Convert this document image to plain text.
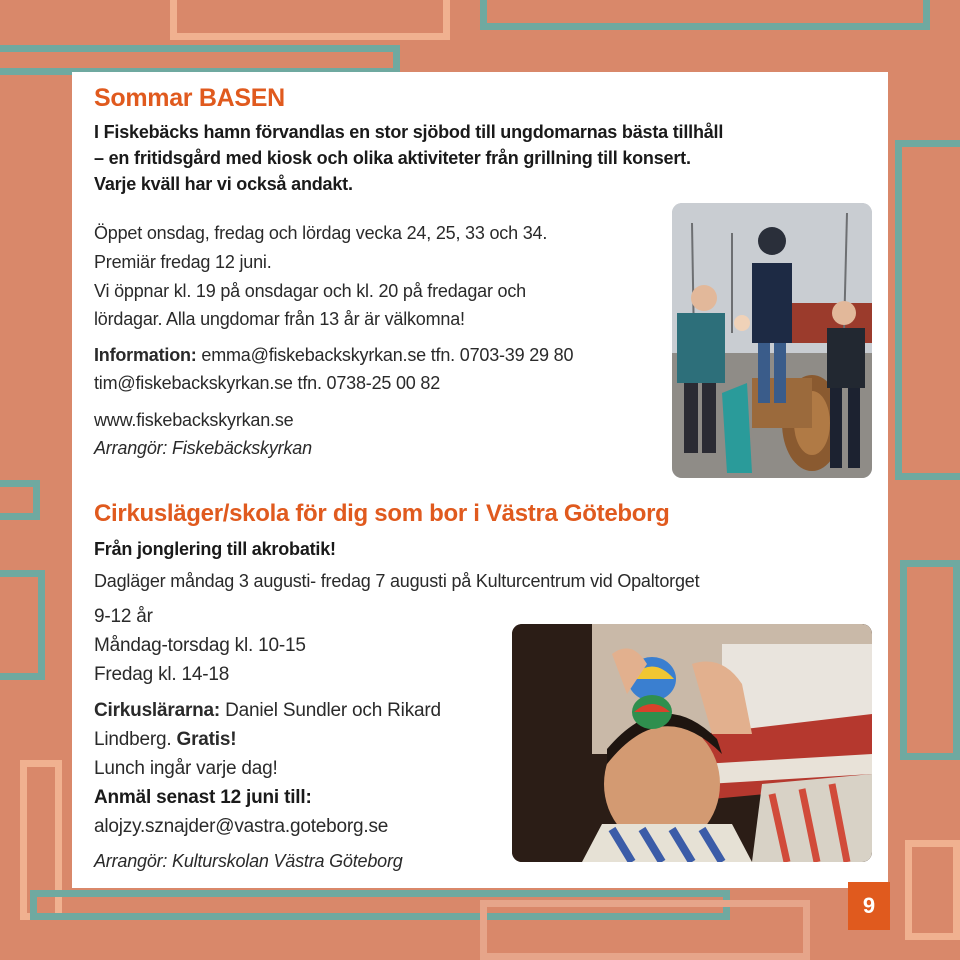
Sommar BASEN
I Fiskebäcks hamn förvandlas en stor sjöbod till ungdomarnas bästa tillhåll
– en fritidsgård med kiosk och olika aktiviteter från grillning till konsert.
Varje kväll har vi också andakt.
Öppet onsdag, fredag och lördag vecka 24, 25, 33 och 34.
Premiär fredag 12 juni.
Vi öppnar kl. 19 på onsdagar och kl. 20 på fredagar och
lördagar. Alla ungdomar från 13 år är välkomna!
Information: emma@fiskebackskyrkan.se tfn. 0703-39 29 80
tim@fiskebackskyrkan.se tfn. 0738-25 00 82
www.fiskebackskyrkan.se
Arrangör: Fiskebäckskyrkan
Cirkusläger/skola för dig som bor i Västra Göteborg
Från jonglering till akrobatik!
Dagläger måndag 3 augusti- fredag 7 augusti på Kulturcentrum vid Opaltorget
9-12 år
Måndag-torsdag kl. 10-15
Fredag kl. 14-18
Cirkuslärarna: Daniel Sundler och Rikard
Lindberg. Gratis!
Lunch ingår varje dag!
Anmäl senast 12 juni till:
alojzy.sznajder@vastra.goteborg.se
Arrangör: Kulturskolan Västra Göteborg
9
